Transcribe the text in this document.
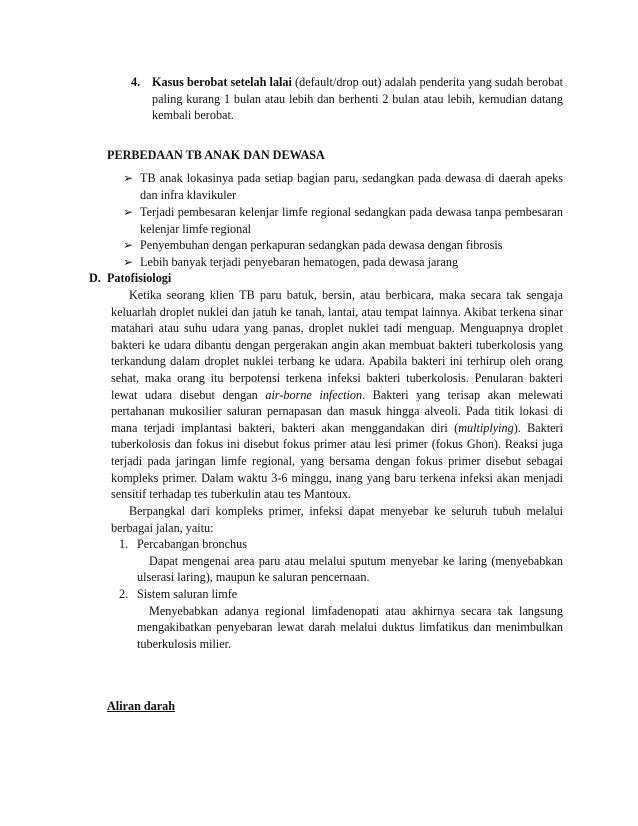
4. Kasus berobat setelah lalai (default/drop out) adalah penderita yang sudah berobat paling kurang 1 bulan atau lebih dan berhenti 2 bulan atau lebih, kemudian datang kembali berobat.
PERBEDAAN TB ANAK DAN DEWASA
➢ TB anak lokasinya pada setiap bagian paru, sedangkan pada dewasa di daerah apeks dan infra klavikuler
➢ Terjadi pembesaran kelenjar limfe regional sedangkan pada dewasa tanpa pembesaran kelenjar limfe regional
➢ Penyembuhan dengan perkapuran sedangkan pada dewasa dengan fibrosis
➢ Lebih banyak terjadi penyebaran hematogen, pada dewasa jarang
D. Patofisiologi
Ketika seorang klien TB paru batuk, bersin, atau berbicara, maka secara tak sengaja keluarlah droplet nuklei dan jatuh ke tanah, lantai, atau tempat lainnya. Akibat terkena sinar matahari atau suhu udara yang panas, droplet nuklei tadi menguap. Menguapnya droplet bakteri ke udara dibantu dengan pergerakan angin akan membuat bakteri tuberkolosis yang terkandung dalam droplet nuklei terbang ke udara. Apabila bakteri ini terhirup oleh orang sehat, maka orang itu berpotensi terkena infeksi bakteri tuberkolosis. Penularan bakteri lewat udara disebut dengan air-borne infection. Bakteri yang terisap akan melewati pertahanan mukosilier saluran pernapasan dan masuk hingga alveoli. Pada titik lokasi di mana terjadi implantasi bakteri, bakteri akan menggandakan diri (multiplying). Bakteri tuberkolosis dan fokus ini disebut fokus primer atau lesi primer (fokus Ghon). Reaksi juga terjadi pada jaringan limfe regional, yang bersama dengan fokus primer disebut sebagai kompleks primer. Dalam waktu 3-6 minggu, inang yang baru terkena infeksi akan menjadi sensitif terhadap tes tuberkulin atau tes Mantoux.
Berpangkal dari kompleks primer, infeksi dapat menyebar ke seluruh tubuh melalui berbagai jalan, yaitu:
1. Percabangan bronchus
Dapat mengenai area paru atau melalui sputum menyebar ke laring (menyebabkan ulserasi laring), maupun ke saluran pencernaan.
2. Sistem saluran limfe
Menyebabkan adanya regional limfadenopati atau akhirnya secara tak langsung mengakibatkan penyebaran lewat darah melalui duktus limfatikus dan menimbulkan tuberkulosis milier.
Aliran darah
